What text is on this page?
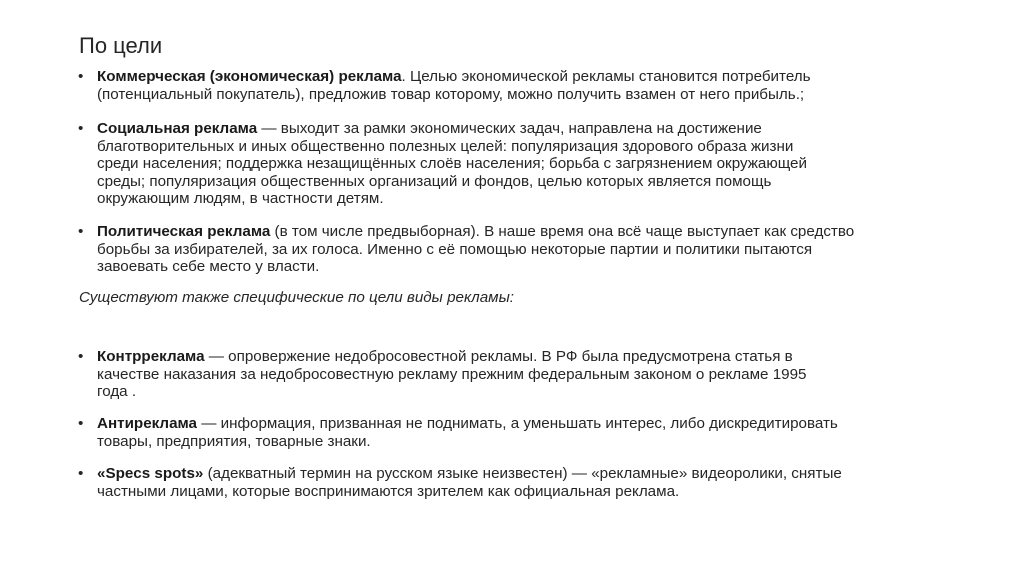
По цели
Существуют также специфические по цели виды рекламы:
• Коммерческая (экономическая) реклама. Целью экономической рекламы становится потребитель
(потенциальный покупатель), предложив товар которому, можно получить взамен от него прибыль.;
• Социальная реклама — выходит за рамки экономических задач, направлена на достижение
благотворительных и иных общественно полезных целей: популяризация здорового образа жизни
среди населения; поддержка незащищённых слоёв населения; борьба с загрязнением окружающей
среды; популяризация общественных организаций и фондов, целью которых является помощь
окружающим людям, в частности детям.
• Политическая реклама (в том числе предвыборная). В наше время она всё чаще выступает как средство
борьбы за избирателей, за их голоса. Именно с её помощью некоторые партии и политики пытаются
завоевать себе место у власти.
• Контрреклама — опровержение недобросовестной рекламы. В РФ была предусмотрена статья в
качестве наказания за недобросовестную рекламу прежним федеральным законом о рекламе 1995
года .
• Антиреклама — информация, призванная не поднимать, а уменьшать интерес, либо дискредитировать
товары, предприятия, товарные знаки.
• «Specs spots» (адекватный термин на русском языке неизвестен) — «рекламные» видеоролики, снятые
частными лицами, которые воспринимаются зрителем как официальная реклама.
